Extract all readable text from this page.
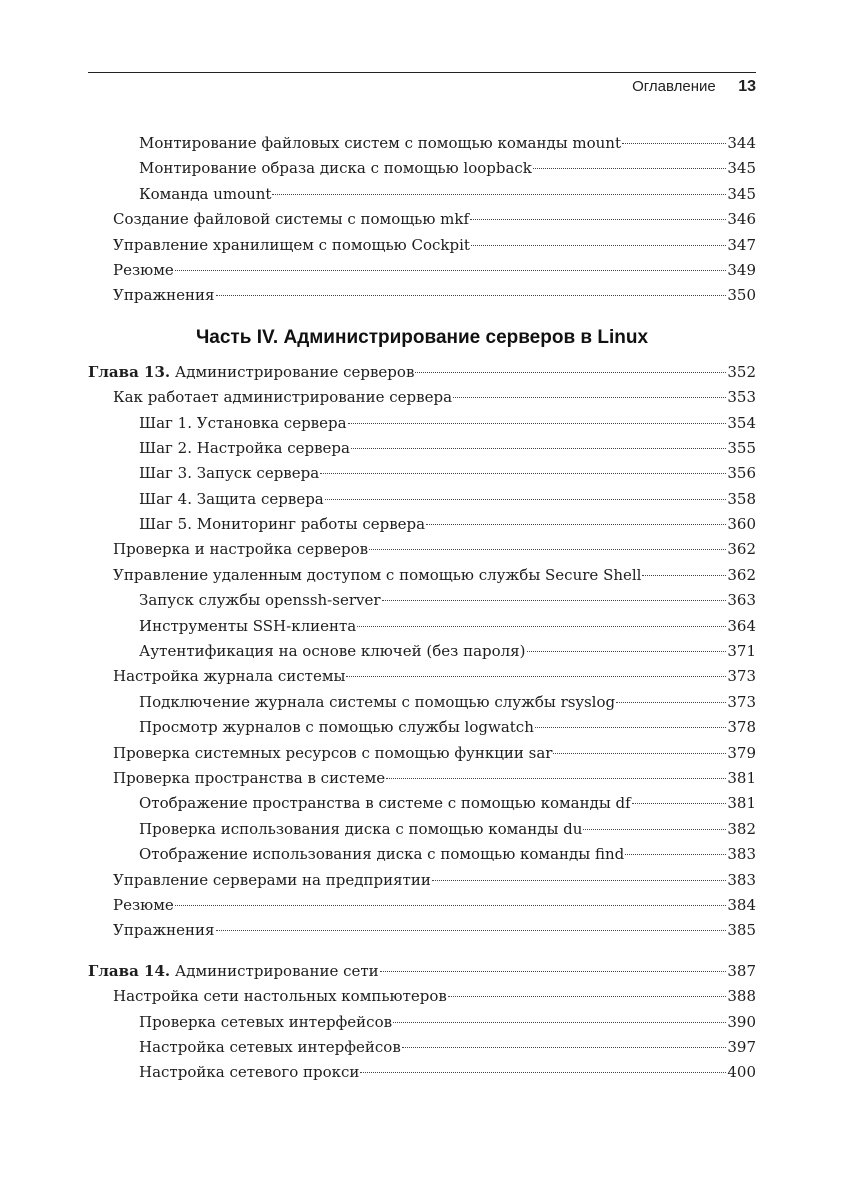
Оглавление 13
Монтирование файловых систем с помощью команды mount	344
Монтирование образа диска с помощью loopback	345
Команда umount	345
Создание файловой системы с помощью mkf	346
Управление хранилищем с помощью Cockpit	347
Резюме	349
Упражнения	350
Часть IV. Администрирование серверов в Linux
Глава 13. Администрирование серверов	352
Как работает администрирование сервера	353
Шаг 1. Установка сервера	354
Шаг 2. Настройка сервера	355
Шаг 3. Запуск сервера	356
Шаг 4. Защита сервера	358
Шаг 5. Мониторинг работы сервера	360
Проверка и настройка серверов	362
Управление удаленным доступом с помощью службы Secure Shell	362
Запуск службы openssh-server	363
Инструменты SSH-клиента	364
Аутентификация на основе ключей (без пароля)	371
Настройка журнала системы	373
Подключение журнала системы с помощью службы rsyslog	373
Просмотр журналов с помощью службы logwatch	378
Проверка системных ресурсов с помощью функции sar	379
Проверка пространства в системе	381
Отображение пространства в системе с помощью команды df	381
Проверка использования диска с помощью команды du	382
Отображение использования диска с помощью команды find	383
Управление серверами на предприятии	383
Резюме	384
Упражнения	385
Глава 14. Администрирование сети	387
Настройка сети настольных компьютеров	388
Проверка сетевых интерфейсов	390
Настройка сетевых интерфейсов	397
Настройка сетевого прокси	400
